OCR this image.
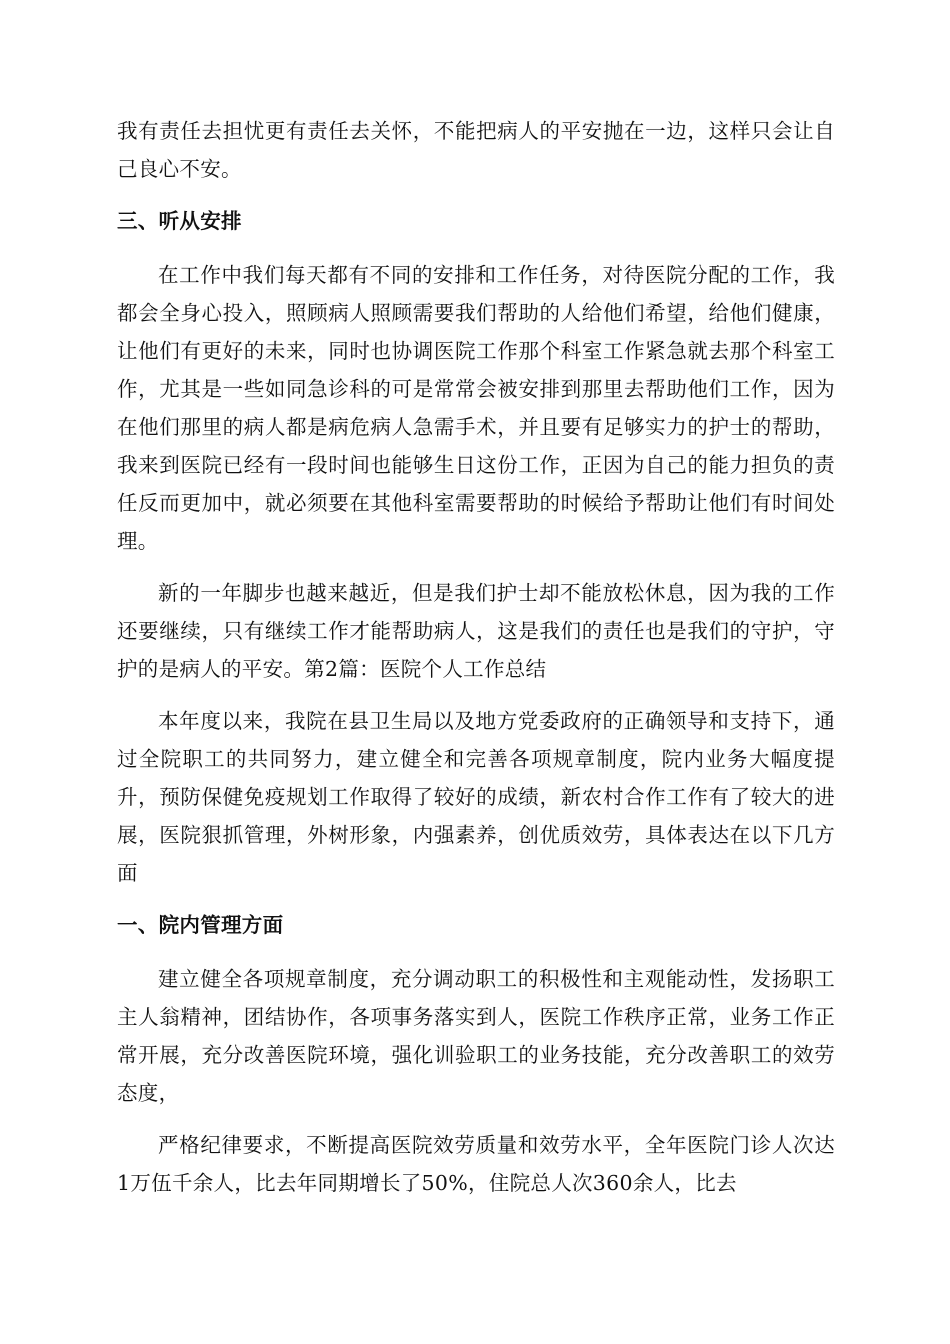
我有责任去担忧更有责任去关怀，不能把病人的平安抛在一边，这样只会让自己良心不安。

三、听从安排

在工作中我们每天都有不同的安排和工作任务，对待医院分配的工作，我都会全身心投入，照顾病人照顾需要我们帮助的人给他们希望，给他们健康，让他们有更好的未来，同时也协调医院工作那个科室工作紧急就去那个科室工作，尤其是一些如同急诊科的可是常常会被安排到那里去帮助他们工作，因为在他们那里的病人都是病危病人急需手术，并且要有足够实力的护士的帮助，我来到医院已经有一段时间也能够生日这份工作，正因为自己的能力担负的责任反而更加中，就必须要在其他科室需要帮助的时候给予帮助让他们有时间处理。

新的一年脚步也越来越近，但是我们护士却不能放松休息，因为我的工作还要继续，只有继续工作才能帮助病人，这是我们的责任也是我们的守护，守护的是病人的平安。第2篇：医院个人工作总结

本年度以来，我院在县卫生局以及地方党委政府的正确领导和支持下，通过全院职工的共同努力，建立健全和完善各项规章制度，院内业务大幅度提升，预防保健免疫规划工作取得了较好的成绩，新农村合作工作有了较大的进展，医院狠抓管理，外树形象，内强素养，创优质效劳，具体表达在以下几方面

一、院内管理方面

建立健全各项规章制度，充分调动职工的积极性和主观能动性，发扬职工主人翁精神，团结协作，各项事务落实到人，医院工作秩序正常，业务工作正常开展，充分改善医院环境，强化训验职工的业务技能，充分改善职工的效劳态度，

严格纪律要求，不断提高医院效劳质量和效劳水平，全年医院门诊人次达1万伍千余人，比去年同期增长了50%，住院总人次360余人，比去
